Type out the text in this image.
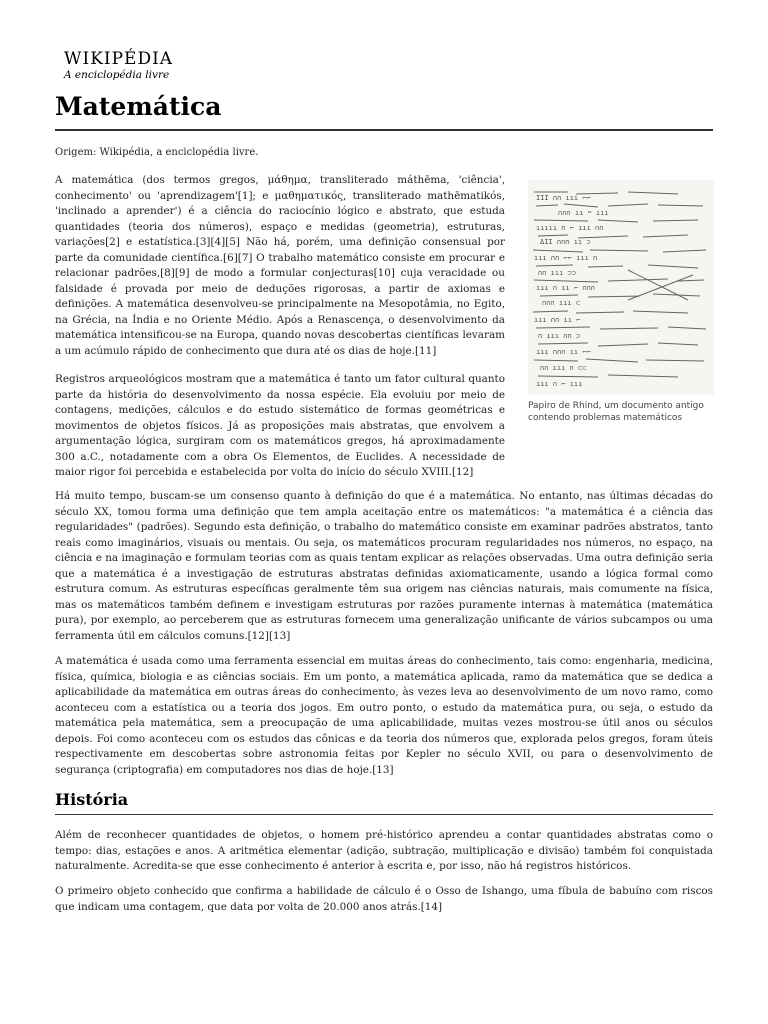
WIKIPÉDIA
A enciclopédia livre
Matemática
Origem: Wikipédia, a enciclopédia livre.
III ∩∩ ııı ⌐⌐
∩∩∩ ıı ᴖ ııı
ııııı ∩ ⌐ ııı ∩∩
ΔII ∩∩∩ ıı ⊃
ııı ∩∩ ⌐⌐ ııı ∩
∩∩ ııı ⊃⊃
ııı ∩ ıı ⌐ ∩∩∩
∩∩∩ ııı ⊂
ııı ∩∩ ıı ⌐
∩ ııı ∩∩ ⊃
ııı ∩∩∩ ıı ⌐⌐
∩∩ ııı ∩ ⊂⊂
ııı ∩ ⌐ ııı
Papiro de Rhind, um documento antigo contendo problemas matemáticos

A matemática (dos termos gregos, μάθημα, transliterado máthēma, 'ciência', conhecimento' ou 'aprendizagem'[1]; e μαθηματικός, transliterado mathēmatikós, 'inclinado a aprender') é a ciência do raciocínio lógico e abstrato, que estuda quantidades (teoria dos números), espaço e medidas (geometria), estruturas, variações[2] e estatística.[3][4][5] Não há, porém, uma definição consensual por parte da comunidade científica.[6][7] O trabalho matemático consiste em procurar e relacionar padrões,[8][9] de modo a formular conjecturas[10] cuja veracidade ou falsidade é provada por meio de deduções rigorosas, a partir de axiomas e definições. A matemática desenvolveu-se principalmente na Mesopotâmia, no Egito, na Grécia, na Índia e no Oriente Médio. Após a Renascença, o desenvolvimento da matemática intensificou-se na Europa, quando novas descobertas científicas levaram a um acúmulo rápido de conhecimento que dura até os dias de hoje.[11]

Registros arqueológicos mostram que a matemática é tanto um fator cultural quanto parte da história do desenvolvimento da nossa espécie. Ela evoluiu por meio de contagens, medições, cálculos e do estudo sistemático de formas geométricas e movimentos de objetos físicos. Já as proposições mais abstratas, que envolvem a argumentação lógica, surgiram com os matemáticos gregos, há aproximadamente 300 a.C., notadamente com a obra Os Elementos, de Euclides. A necessidade de maior rigor foi percebida e estabelecida por volta do início do século XVIII.[12]

Há muito tempo, buscam-se um consenso quanto à definição do que é a matemática. No entanto, nas últimas décadas do século XX, tomou forma uma definição que tem ampla aceitação entre os matemáticos: "a matemática é a ciência das regularidades" (padrões). Segundo esta definição, o trabalho do matemático consiste em examinar padrões abstratos, tanto reais como imaginários, visuais ou mentais. Ou seja, os matemáticos procuram regularidades nos números, no espaço, na ciência e na imaginação e formulam teorias com as quais tentam explicar as relações observadas. Uma outra definição seria que a matemática é a investigação de estruturas abstratas definidas axiomaticamente, usando a lógica formal como estrutura comum. As estruturas específicas geralmente têm sua origem nas ciências naturais, mais comumente na física, mas os matemáticos também definem e investigam estruturas por razões puramente internas à matemática (matemática pura), por exemplo, ao perceberem que as estruturas fornecem uma generalização unificante de vários subcampos ou uma ferramenta útil em cálculos comuns.[12][13]

A matemática é usada como uma ferramenta essencial em muitas áreas do conhecimento, tais como: engenharia, medicina, física, química, biologia e as ciências sociais. Em um ponto, a matemática aplicada, ramo da matemática que se dedica a aplicabilidade da matemática em outras áreas do conhecimento, às vezes leva ao desenvolvimento de um novo ramo, como aconteceu com a estatística ou a teoria dos jogos. Em outro ponto, o estudo da matemática pura, ou seja, o estudo da matemática pela matemática, sem a preocupação de uma aplicabilidade, muitas vezes mostrou-se útil anos ou séculos depois. Foi como aconteceu com os estudos das cônicas e da teoria dos números que, explorada pelos gregos, foram úteis respectivamente em descobertas sobre astronomia feitas por Kepler no século XVII, ou para o desenvolvimento de segurança (criptografia) em computadores nos dias de hoje.[13]

História

Além de reconhecer quantidades de objetos, o homem pré-histórico aprendeu a contar quantidades abstratas como o tempo: dias, estações e anos. A aritmética elementar (adição, subtração, multiplicação e divisão) também foi conquistada naturalmente. Acredita-se que esse conhecimento é anterior à escrita e, por isso, não há registros históricos.

O primeiro objeto conhecido que confirma a habilidade de cálculo é o Osso de Ishango, uma fíbula de babuíno com riscos que indicam uma contagem, que data por volta de 20.000 anos atrás.[14]
